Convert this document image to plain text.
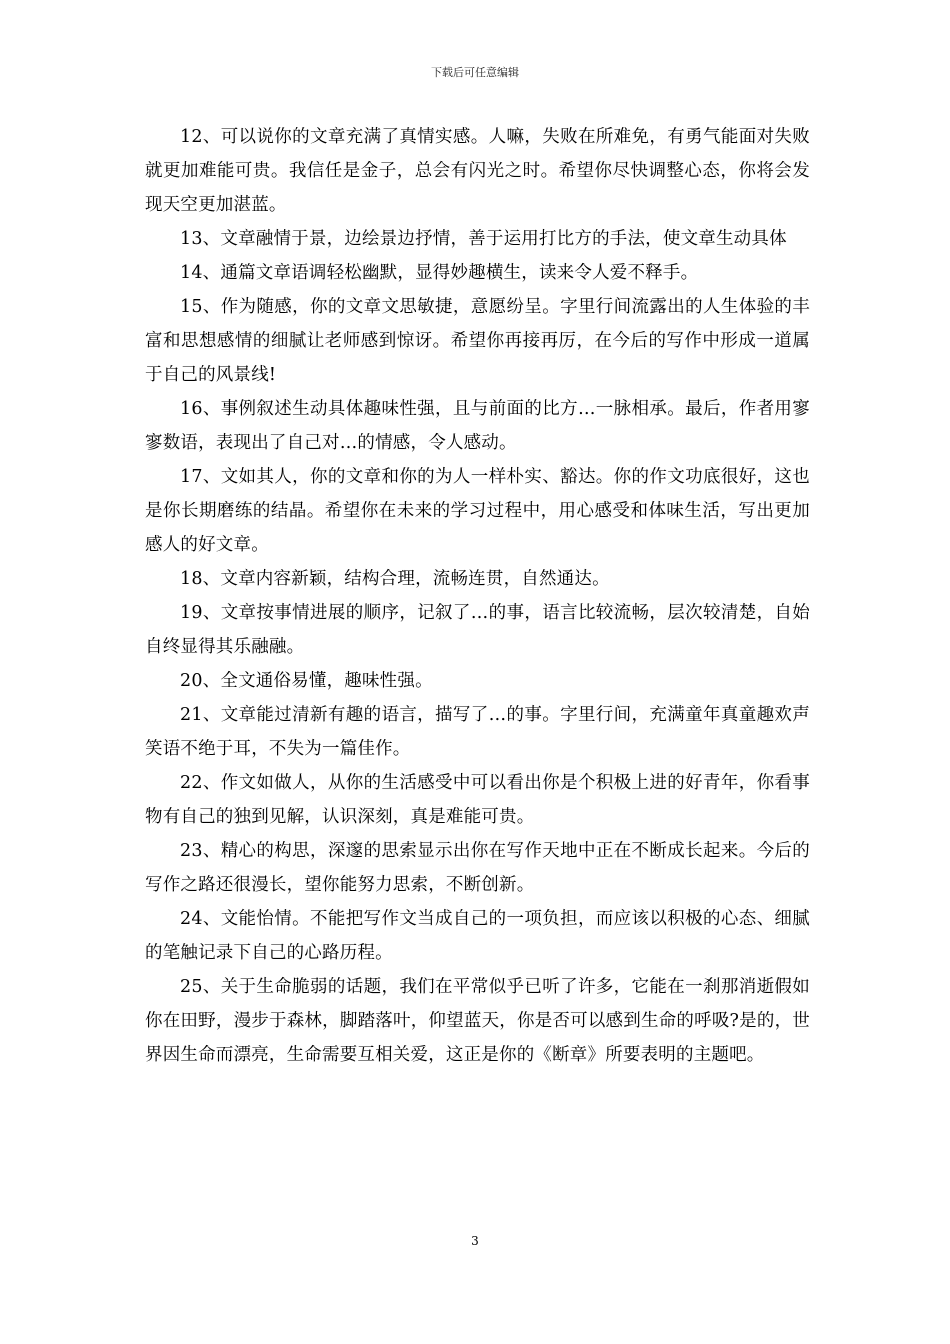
下载后可任意编辑

12、可以说你的文章充满了真情实感。人嘛，失败在所难免，有勇气能面对失败就更加难能可贵。我信任是金子，总会有闪光之时。希望你尽快调整心态，你将会发现天空更加湛蓝。

13、文章融情于景，边绘景边抒情，善于运用打比方的手法，使文章生动具体

14、通篇文章语调轻松幽默，显得妙趣横生，读来令人爱不释手。

15、作为随感，你的文章文思敏捷，意愿纷呈。字里行间流露出的人生体验的丰富和思想感情的细腻让老师感到惊讶。希望你再接再厉，在今后的写作中形成一道属于自己的风景线!

16、事例叙述生动具体趣味性强，且与前面的比方…一脉相承。最后，作者用寥寥数语，表现出了自己对…的情感，令人感动。

17、文如其人，你的文章和你的为人一样朴实、豁达。你的作文功底很好，这也是你长期磨练的结晶。希望你在未来的学习过程中，用心感受和体味生活，写出更加感人的好文章。

18、文章内容新颖，结构合理，流畅连贯，自然通达。

19、文章按事情进展的顺序，记叙了…的事，语言比较流畅，层次较清楚，自始自终显得其乐融融。

20、全文通俗易懂，趣味性强。

21、文章能过清新有趣的语言，描写了…的事。字里行间，充满童年真童趣欢声笑语不绝于耳，不失为一篇佳作。

22、作文如做人，从你的生活感受中可以看出你是个积极上进的好青年，你看事物有自己的独到见解，认识深刻，真是难能可贵。

23、精心的构思，深邃的思索显示出你在写作天地中正在不断成长起来。今后的写作之路还很漫长，望你能努力思索，不断创新。

24、文能怡情。不能把写作文当成自己的一项负担，而应该以积极的心态、细腻的笔触记录下自己的心路历程。

25、关于生命脆弱的话题，我们在平常似乎已听了许多，它能在一刹那消逝假如你在田野，漫步于森林，脚踏落叶，仰望蓝天，你是否可以感到生命的呼吸?是的，世界因生命而漂亮，生命需要互相关爱，这正是你的《断章》所要表明的主题吧。

3
